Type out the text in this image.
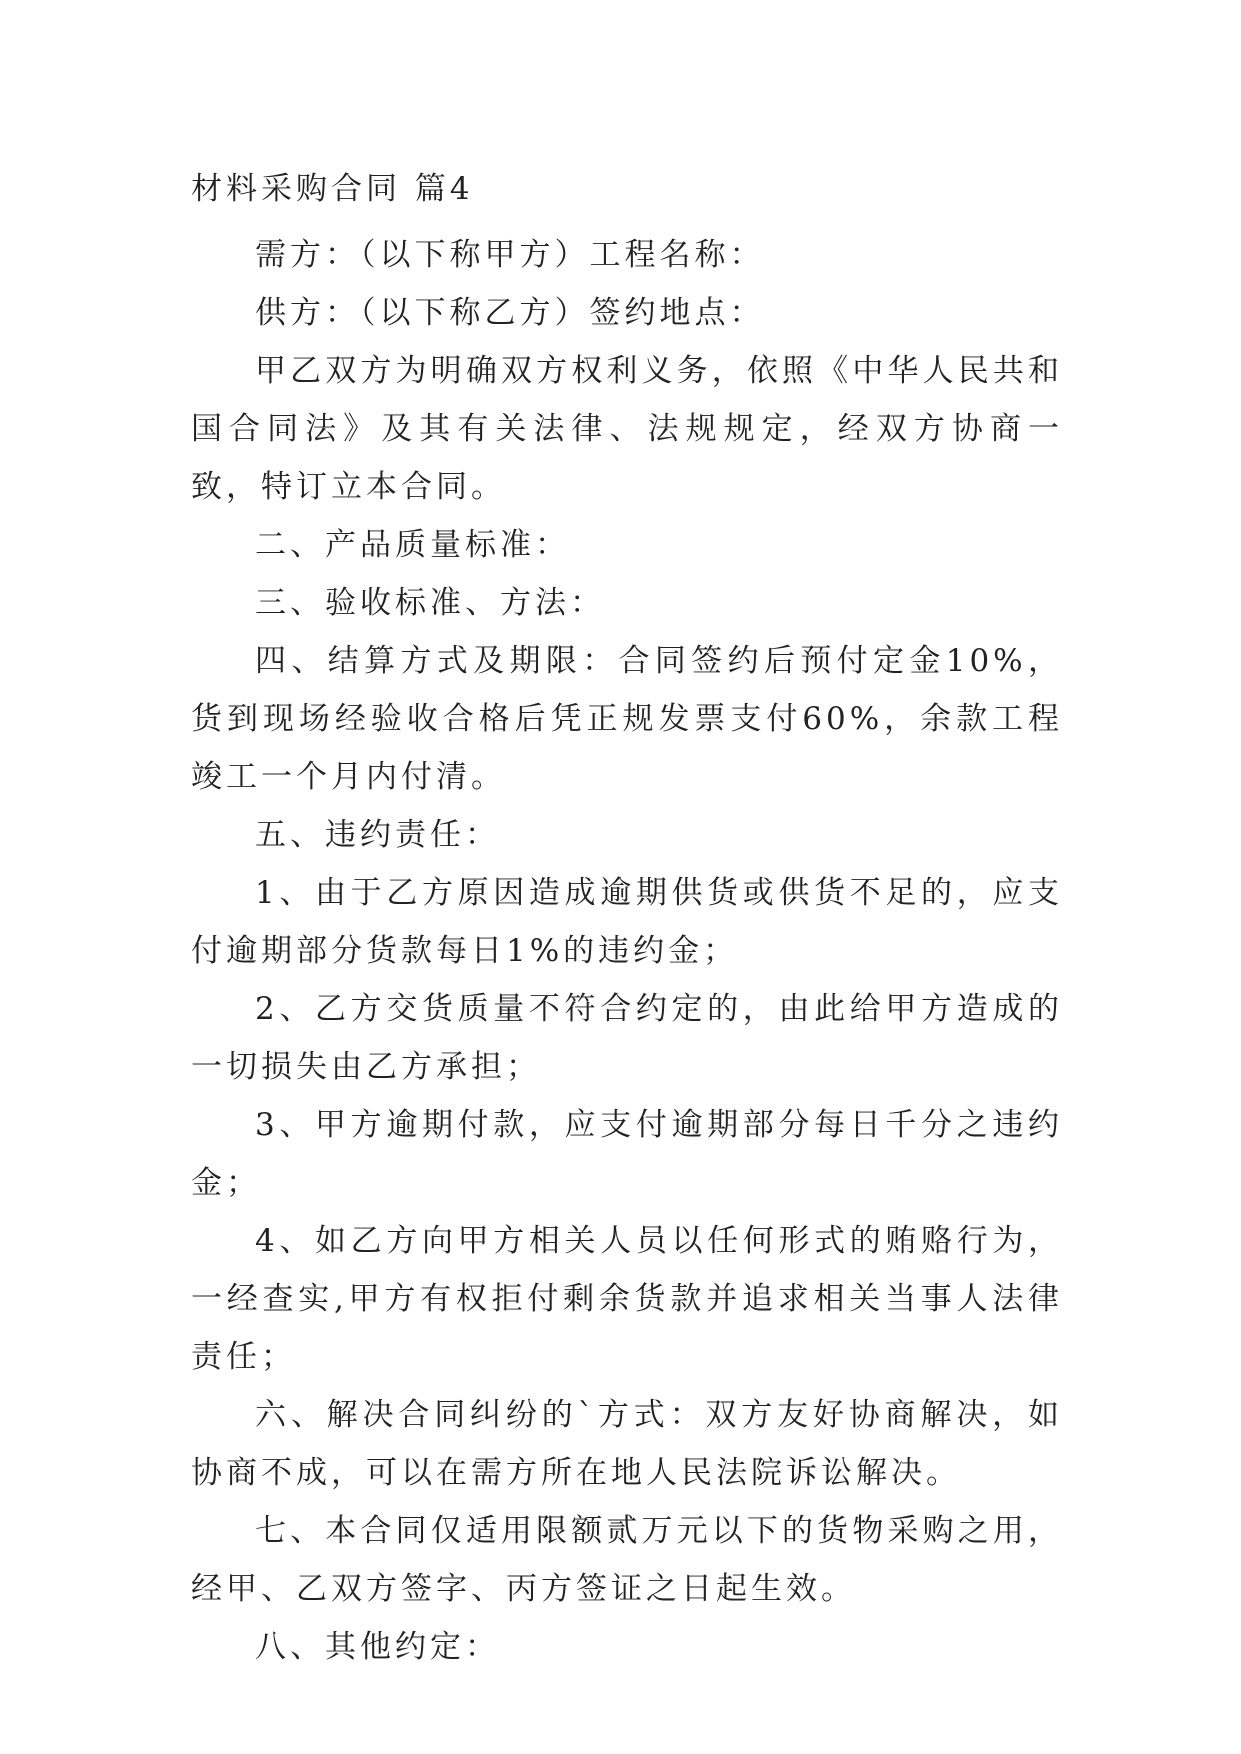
材料采购合同 篇4

需方：（以下称甲方）工程名称：

供方：（以下称乙方）签约地点：

甲乙双方为明确双方权利义务，依照《中华人民共和国合同法》及其有关法律、法规规定，经双方协商一致，特订立本合同。

二、产品质量标准：

三、验收标准、方法：

四、结算方式及期限：合同签约后预付定金10%，货到现场经验收合格后凭正规发票支付60%，余款工程竣工一个月内付清。

五、违约责任：

1、由于乙方原因造成逾期供货或供货不足的，应支付逾期部分货款每日1%的违约金；

2、乙方交货质量不符合约定的，由此给甲方造成的一切损失由乙方承担；

3、甲方逾期付款，应支付逾期部分每日千分之违约金；

4、如乙方向甲方相关人员以任何形式的贿赂行为，一经查实,甲方有权拒付剩余货款并追求相关当事人法律责任；

六、解决合同纠纷的`方式：双方友好协商解决，如协商不成，可以在需方所在地人民法院诉讼解决。

七、本合同仅适用限额贰万元以下的货物采购之用，经甲、乙双方签字、丙方签证之日起生效。

八、其他约定：
